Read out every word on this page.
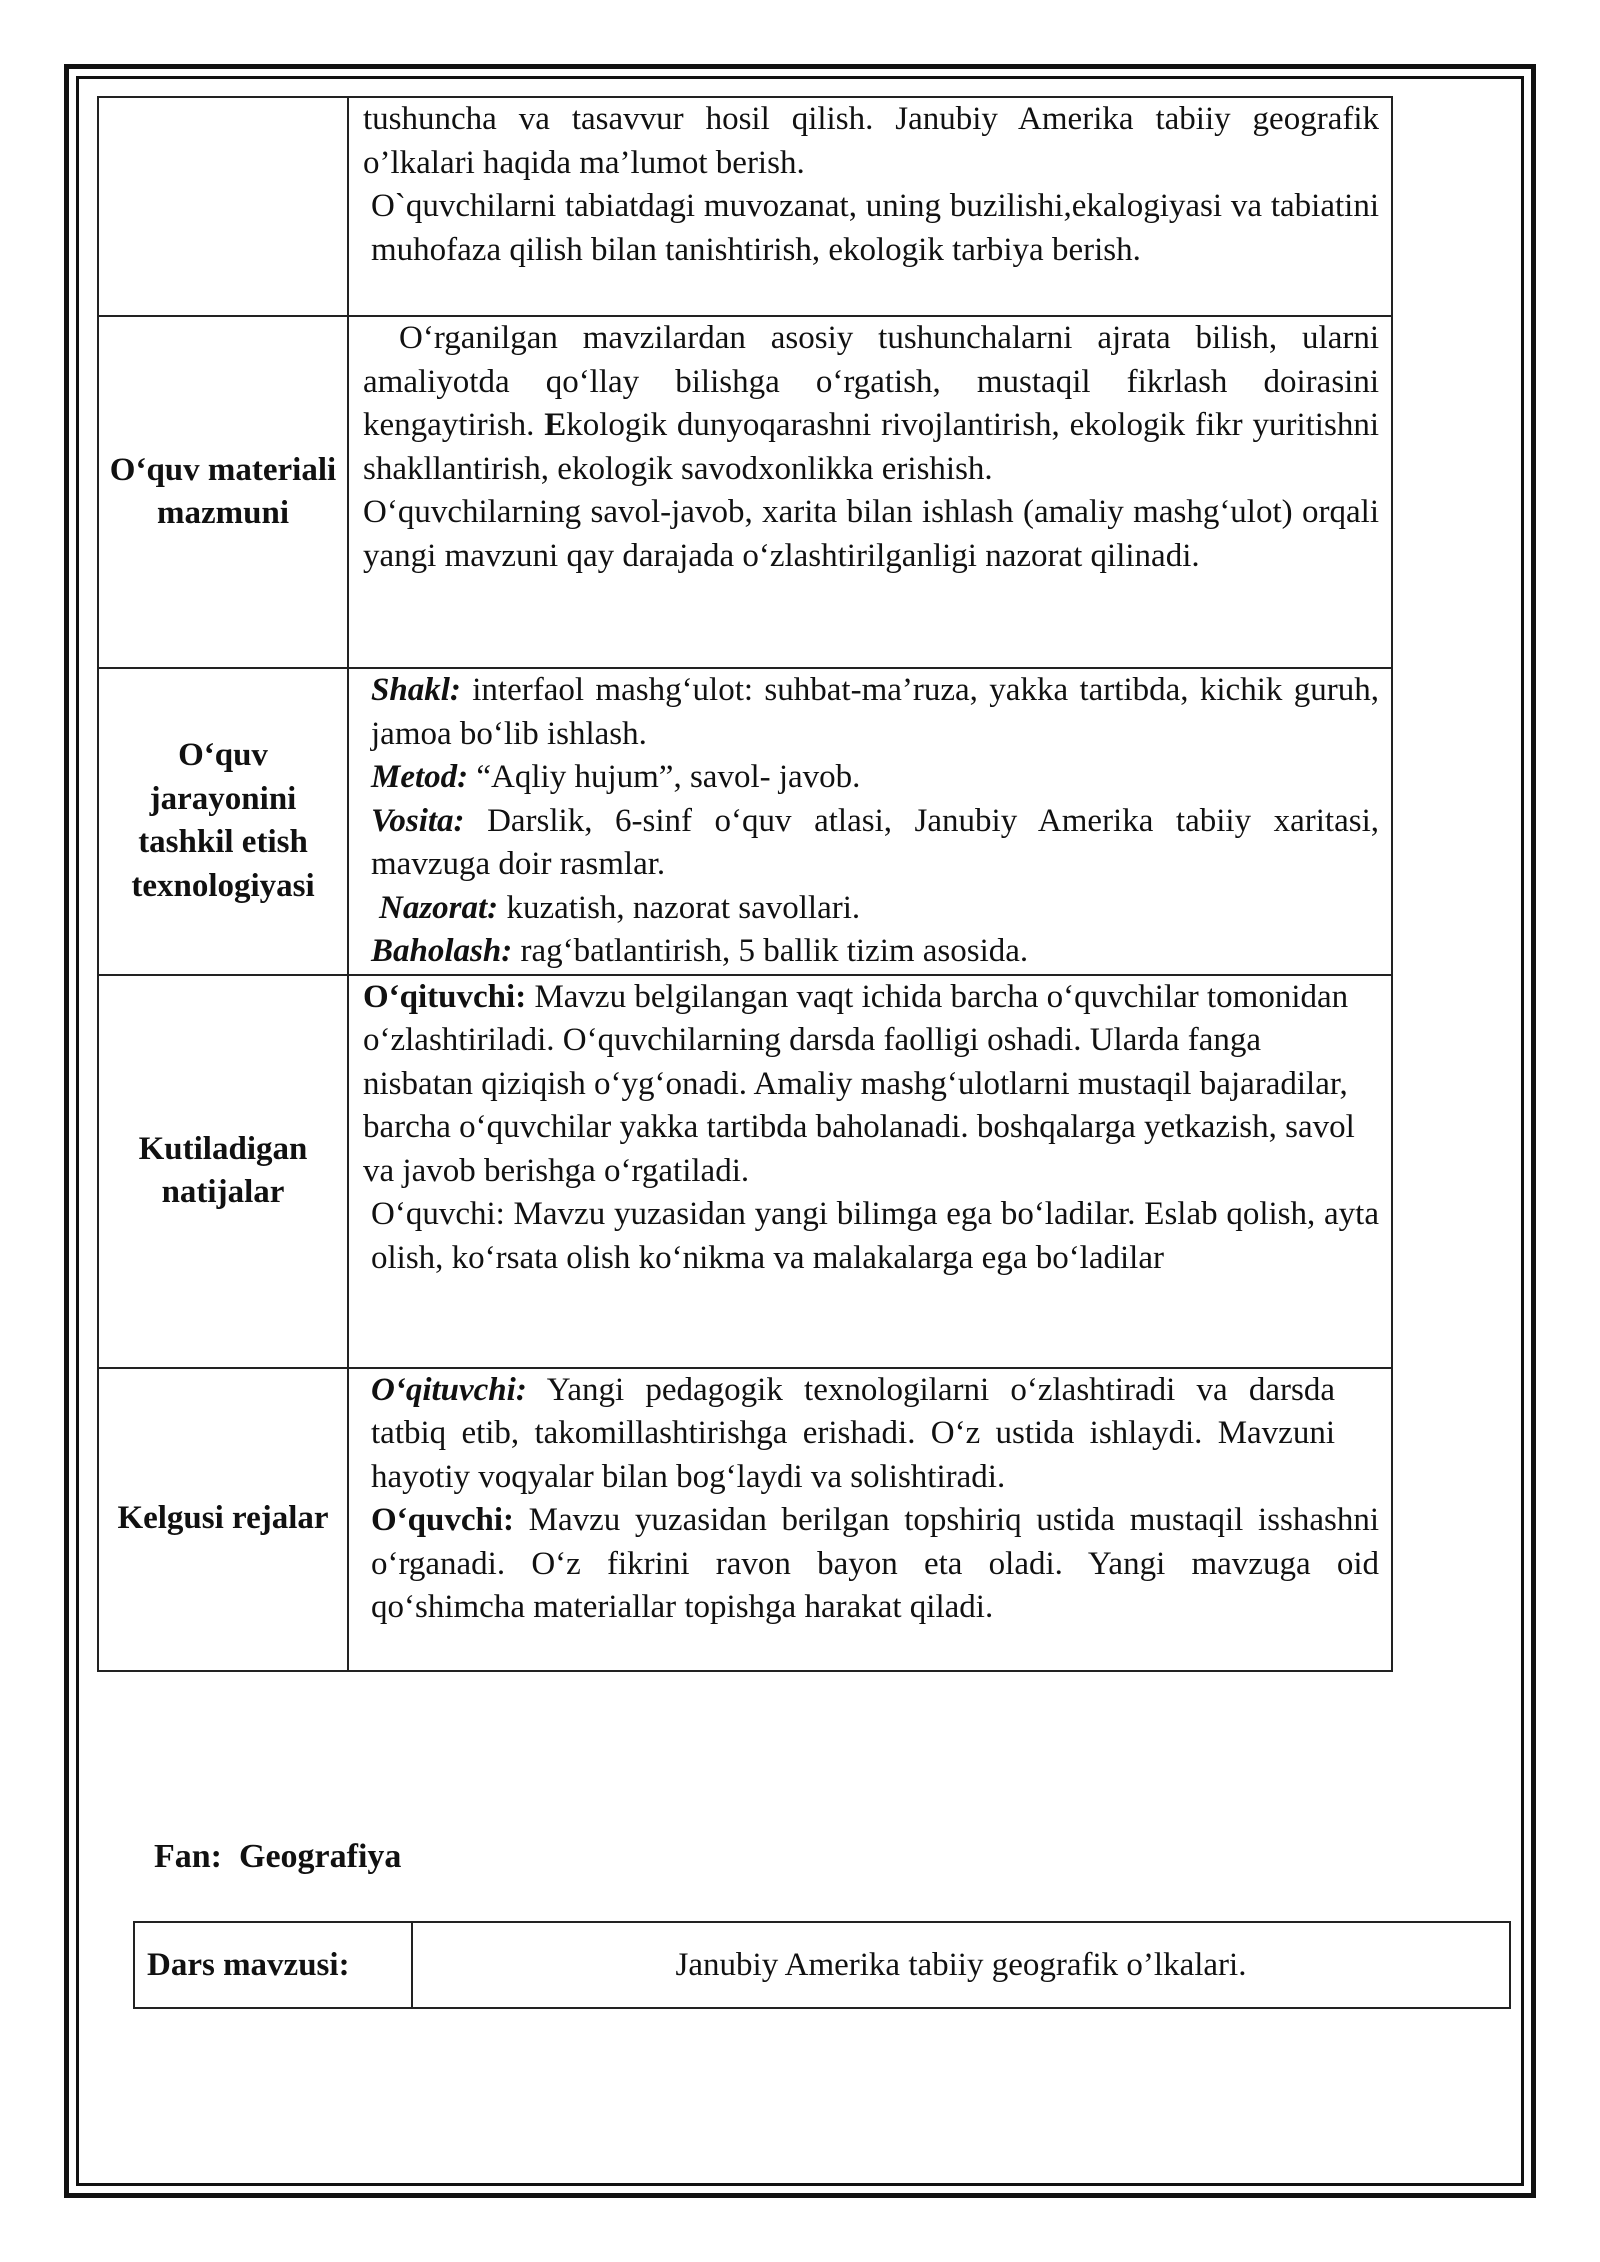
	tushuncha va tasavvur hosil qilish. Janubiy Amerika tabiiy geografik o’lkalari haqida ma’lumot berish.

O`quvchilarni tabiatdagi muvozanat, uning buzilishi,ekalogiyasi va tabiatini muhofaza qilish bilan tanishtirish, ekologik tarbiya berish.

O‘quv materiali mazmuni	O‘rganilgan mavzilardan asosiy tushunchalarni ajrata bilish, ularni amaliyotda qo‘llay bilishga o‘rgatish, mustaqil fikrlash doirasini kengaytirish. Ekologik dunyoqarashni rivojlantirish, ekologik fikr yuritishni shakllantirish, ekologik savodxonlikka erishish.

O‘quvchilarning savol-javob, xarita bilan ishlash (amaliy mashg‘ulot) orqali yangi mavzuni qay darajada o‘zlashtirilganligi nazorat qilinadi.

O‘quv jarayonini tashkil etish texnologiyasi	Shakl: interfaol mashg‘ulot: suhbat-ma’ruza, yakka tartibda, kichik guruh, jamoa bo‘lib ishlash.

Metod: “Aqliy hujum”, savol- javob.

Vosita: Darslik, 6-sinf o‘quv atlasi, Janubiy Amerika tabiiy xaritasi, mavzuga doir rasmlar.

Nazorat: kuzatish, nazorat savollari.

Baholash: rag‘batlantirish, 5 ballik tizim asosida.

Kutiladigan natijalar	O‘qituvchi: Mavzu belgilangan vaqt ichida barcha o‘quvchilar tomonidan o‘zlashtiriladi. O‘quvchilarning darsda faolligi oshadi. Ularda fanga nisbatan qiziqish o‘yg‘onadi. Amaliy mashg‘ulotlarni mustaqil bajaradilar, barcha o‘quvchilar yakka tartibda baholanadi. boshqalarga yetkazish, savol va javob berishga o‘rgatiladi.

O‘quvchi: Mavzu yuzasidan yangi bilimga ega bo‘ladilar. Eslab qolish, ayta olish, ko‘rsata olish ko‘nikma va malakalarga ega bo‘ladilar

Kelgusi rejalar	O‘qituvchi: Yangi pedagogik texnologilarni o‘zlashtiradi va darsda tatbiq etib, takomillashtirishga erishadi. O‘z ustida ishlaydi. Mavzuni hayotiy voqyalar bilan bog‘laydi va solishtiradi.

O‘quvchi: Mavzu yuzasidan berilgan topshiriq ustida mustaqil isshashni o‘rganadi. O‘z fikrini ravon bayon eta oladi. Yangi mavzuga oid qo‘shimcha materiallar topishga harakat qiladi.

Fan:  Geografiya
Dars mavzusi:	Janubiy Amerika tabiiy geografik o’lkalari.
